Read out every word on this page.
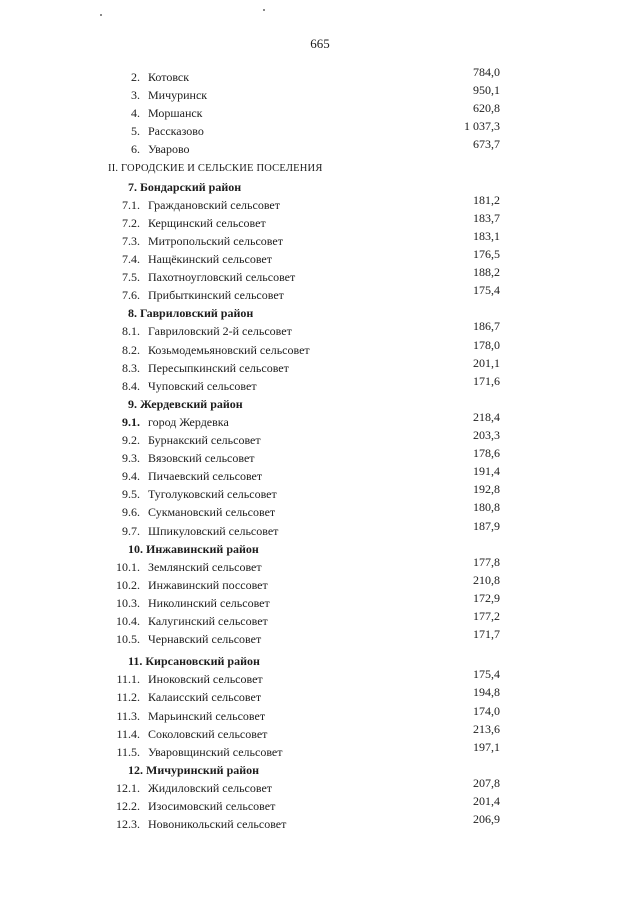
665
2. Котовск	784,0
3. Мичуринск	950,1
4. Моршанск	620,8
5. Рассказово	1 037,3
6. Уварово	673,7
II. ГОРОДСКИЕ И СЕЛЬСКИЕ ПОСЕЛЕНИЯ
7. Бондарский район
7.1. Граждановский сельсовет	181,2
7.2. Керщинский сельсовет	183,7
7.3. Митропольский сельсовет	183,1
7.4. Нащёкинский сельсовет	176,5
7.5. Пахотноугловский сельсовет	188,2
7.6. Прибыткинский сельсовет	175,4
8. Гавриловский район
8.1. Гавриловский 2-й сельсовет	186,7
8.2. Козьмодемьяновский сельсовет	178,0
8.3. Пересыпкинский сельсовет	201,1
8.4. Чуповский сельсовет	171,6
9. Жердевский район
9.1. город Жердевка	218,4
9.2. Бурнакский сельсовет	203,3
9.3. Вязовский сельсовет	178,6
9.4. Пичаевский сельсовет	191,4
9.5. Туголуковский сельсовет	192,8
9.6. Сукмановский сельсовет	180,8
9.7. Шпикуловский сельсовет	187,9
10. Инжавинский район
10.1. Землянский сельсовет	177,8
10.2. Инжавинский поссовет	210,8
10.3. Николинский сельсовет	172,9
10.4. Калугинский сельсовет	177,2
10.5. Чернавский сельсовет	171,7
11. Кирсановский район
11.1. Иноковский сельсовет	175,4
11.2. Калаисский сельсовет	194,8
11.3. Марьинский сельсовет	174,0
11.4. Соколовский сельсовет	213,6
11.5. Уваровщинский сельсовет	197,1
12. Мичуринский район
12.1. Жидиловский сельсовет	207,8
12.2. Изосимовский сельсовет	201,4
12.3. Новоникольский сельсовет	206,9
